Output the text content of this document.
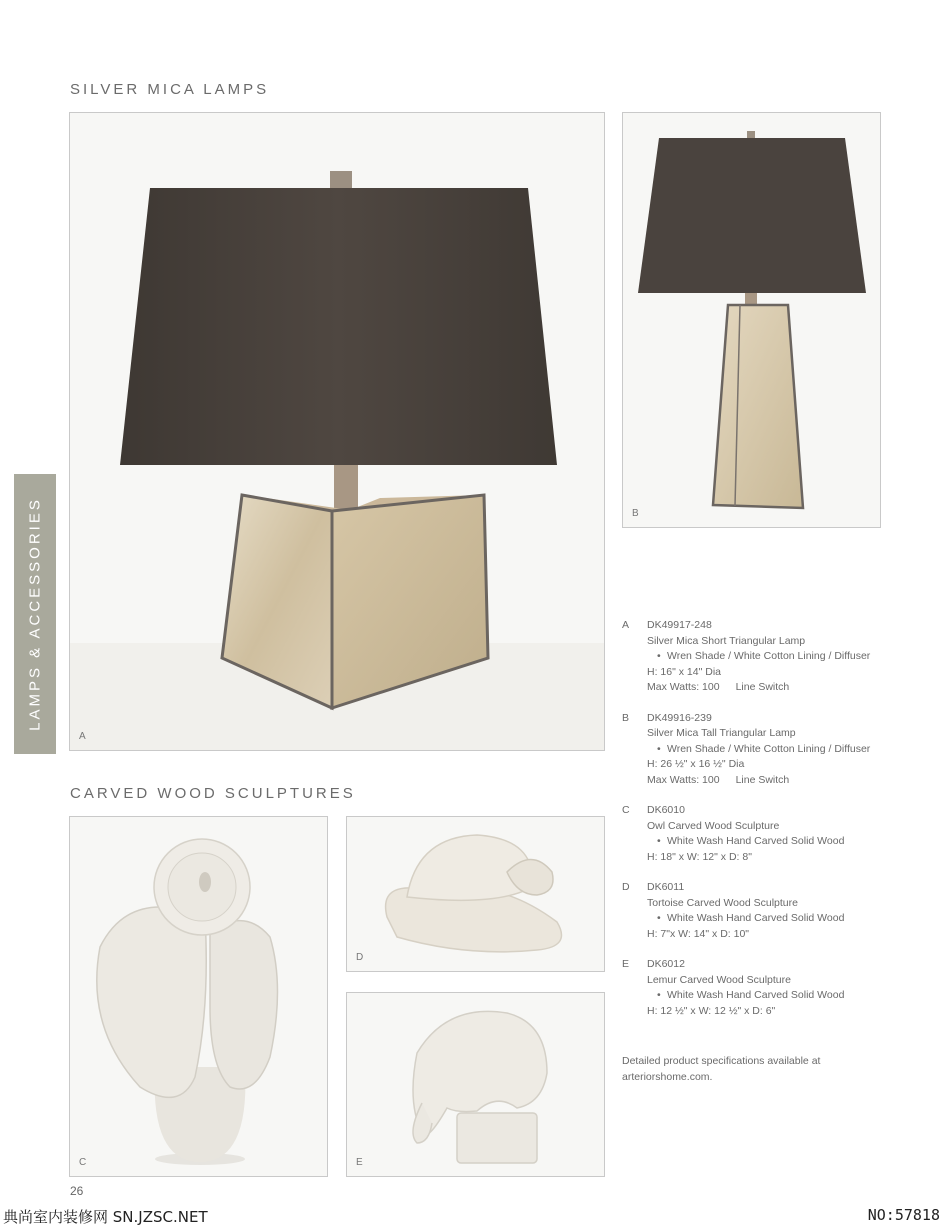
SILVER MICA LAMPS
LAMPS & ACCESSORIES
A
B
A DK49917-248

Silver Mica Short Triangular Lamp

• Wren Shade / White Cotton Lining / Diffuser

H: 16" x 14" Dia

Max Watts: 100 Line Switch

B DK49916-239

Silver Mica Tall Triangular Lamp

• Wren Shade / White Cotton Lining / Diffuser

H: 26 ½" x 16 ½" Dia

Max Watts: 100 Line Switch

C DK6010

Owl Carved Wood Sculpture

• White Wash Hand Carved Solid Wood

H: 18" x W: 12" x D: 8"

D DK6011

Tortoise Carved Wood Sculpture

• White Wash Hand Carved Solid Wood

H: 7"x W: 14" x D: 10"

E DK6012

Lemur Carved Wood Sculpture

• White Wash Hand Carved Solid Wood

H: 12 ½" x W: 12 ½" x D: 6"

CARVED WOOD SCULPTURES
C
D
E

Detailed product specifications available at arteriorshome.com.

26
典尚室内装修网 SN.JZSC.NET	NO:57818
